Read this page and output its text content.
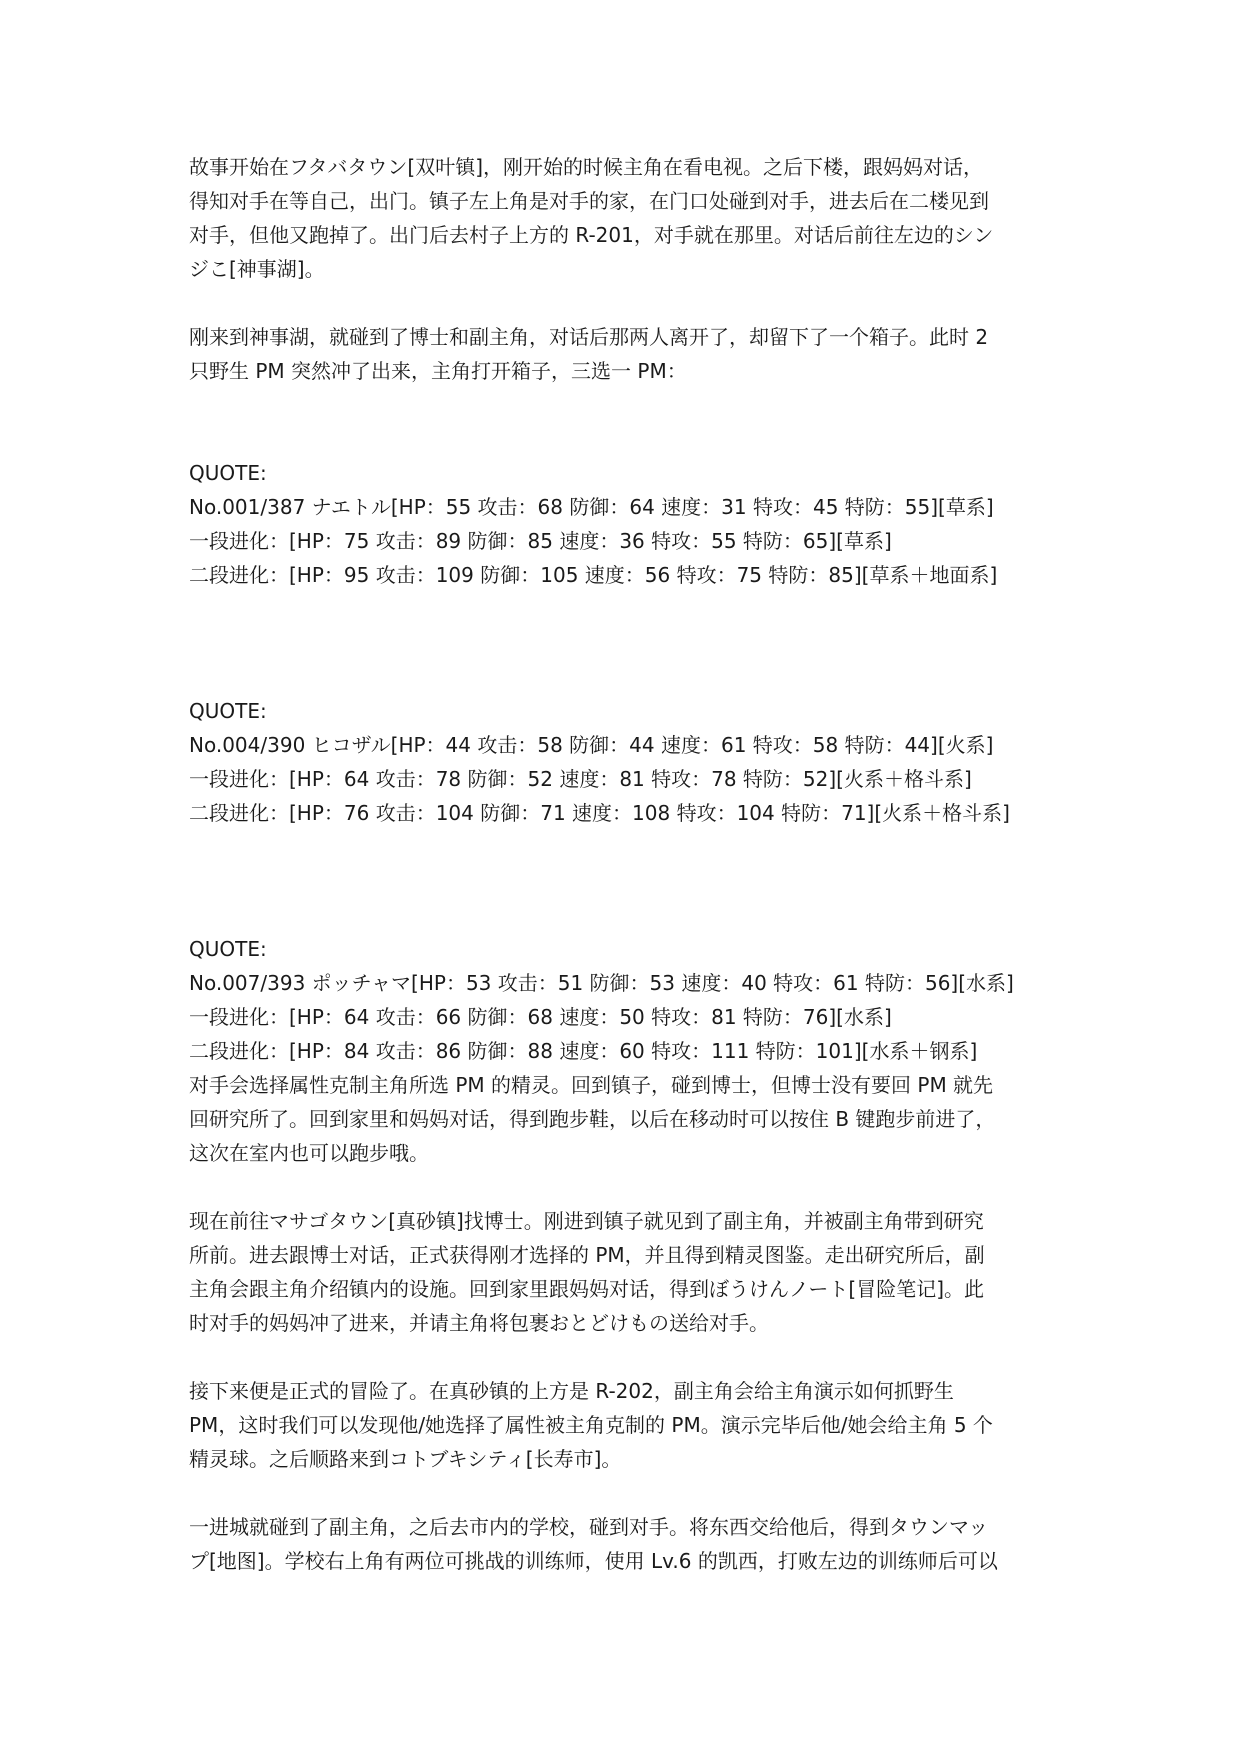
故事开始在フタバタウン[双叶镇]，刚开始的时候主角在看电视。之后下楼，跟妈妈对话，
得知对手在等自己，出门。镇子左上角是对手的家，在门口处碰到对手，进去后在二楼见到
对手，但他又跑掉了。出门后去村子上方的 R-201，对手就在那里。对话后前往左边的シン
ジこ[神事湖]。

刚来到神事湖，就碰到了博士和副主角，对话后那两人离开了，却留下了一个箱子。此时 2
只野生 PM 突然冲了出来，主角打开箱子，三选一 PM：

QUOTE:
No.001/387 ナエトル[HP：55 攻击：68 防御：64 速度：31 特攻：45 特防：55][草系]
一段进化：[HP：75 攻击：89 防御：85 速度：36 特攻：55 特防：65][草系]
二段进化：[HP：95 攻击：109 防御：105 速度：56 特攻：75 特防：85][草系＋地面系]
QUOTE:
No.004/390 ヒコザル[HP：44 攻击：58 防御：44 速度：61 特攻：58 特防：44][火系]
一段进化：[HP：64 攻击：78 防御：52 速度：81 特攻：78 特防：52][火系＋格斗系]
二段进化：[HP：76 攻击：104 防御：71 速度：108 特攻：104 特防：71][火系＋格斗系]
QUOTE:
No.007/393 ポッチャマ[HP：53 攻击：51 防御：53 速度：40 特攻：61 特防：56][水系]
一段进化：[HP：64 攻击：66 防御：68 速度：50 特攻：81 特防：76][水系]
二段进化：[HP：84 攻击：86 防御：88 速度：60 特攻：111 特防：101][水系＋钢系]

对手会选择属性克制主角所选 PM 的精灵。回到镇子，碰到博士，但博士没有要回 PM 就先
回研究所了。回到家里和妈妈对话，得到跑步鞋，以后在移动时可以按住 B 键跑步前进了，
这次在室内也可以跑步哦。

现在前往マサゴタウン[真砂镇]找博士。刚进到镇子就见到了副主角，并被副主角带到研究
所前。进去跟博士对话，正式获得刚才选择的 PM，并且得到精灵图鉴。走出研究所后，副
主角会跟主角介绍镇内的设施。回到家里跟妈妈对话，得到ぼうけんノート[冒险笔记]。此
时对手的妈妈冲了进来，并请主角将包裹おとどけもの送给对手。

接下来便是正式的冒险了。在真砂镇的上方是 R-202，副主角会给主角演示如何抓野生
PM，这时我们可以发现他/她选择了属性被主角克制的 PM。演示完毕后他/她会给主角 5 个
精灵球。之后顺路来到コトブキシティ[长寿市]。

一进城就碰到了副主角，之后去市内的学校，碰到对手。将东西交给他后，得到タウンマッ
プ[地图]。学校右上角有两位可挑战的训练师，使用 Lv.6 的凯西，打败左边的训练师后可以
